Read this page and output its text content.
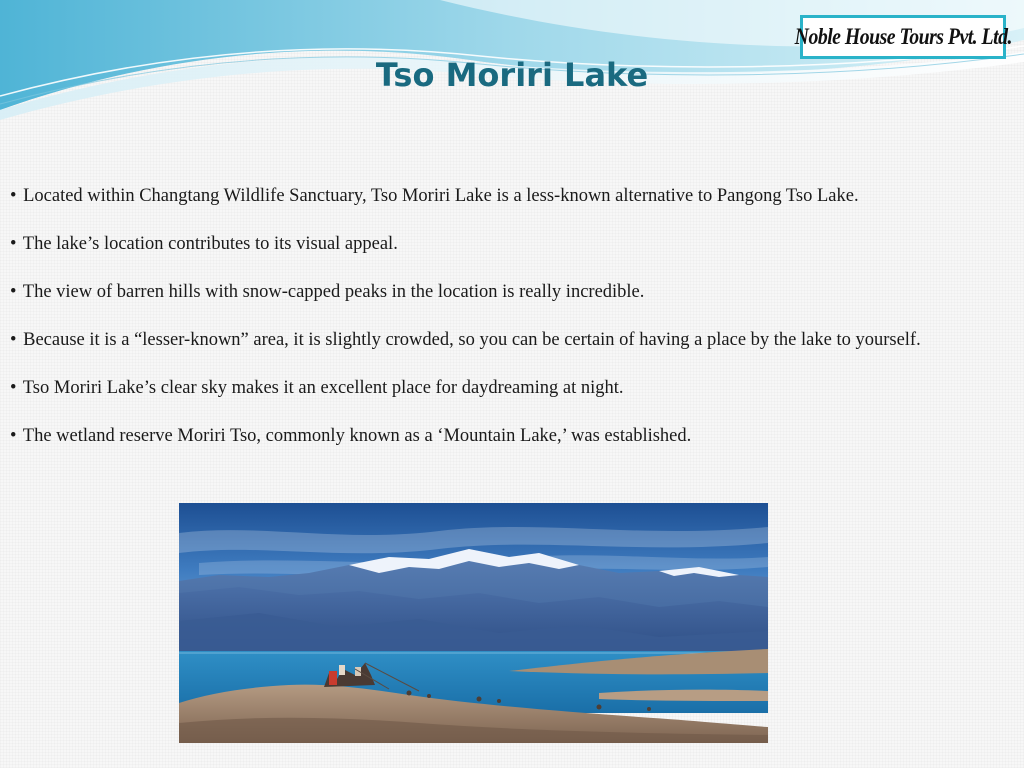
Noble House Tours Pvt. Ltd.
Tso Moriri Lake
• Located within Changtang Wildlife Sanctuary, Tso Moriri Lake is a less-known alternative to Pangong Tso Lake.
• The lake’s location contributes to its visual appeal.
• The view of barren hills with snow-capped peaks in the location is really incredible.
• Because it is a “lesser-known” area, it is slightly crowded, so you can be certain of having a place by the lake to yourself.
• Tso Moriri Lake’s clear sky makes it an excellent place for daydreaming at night.
• The wetland reserve Moriri Tso, commonly known as a ‘Mountain Lake,’ was established.
